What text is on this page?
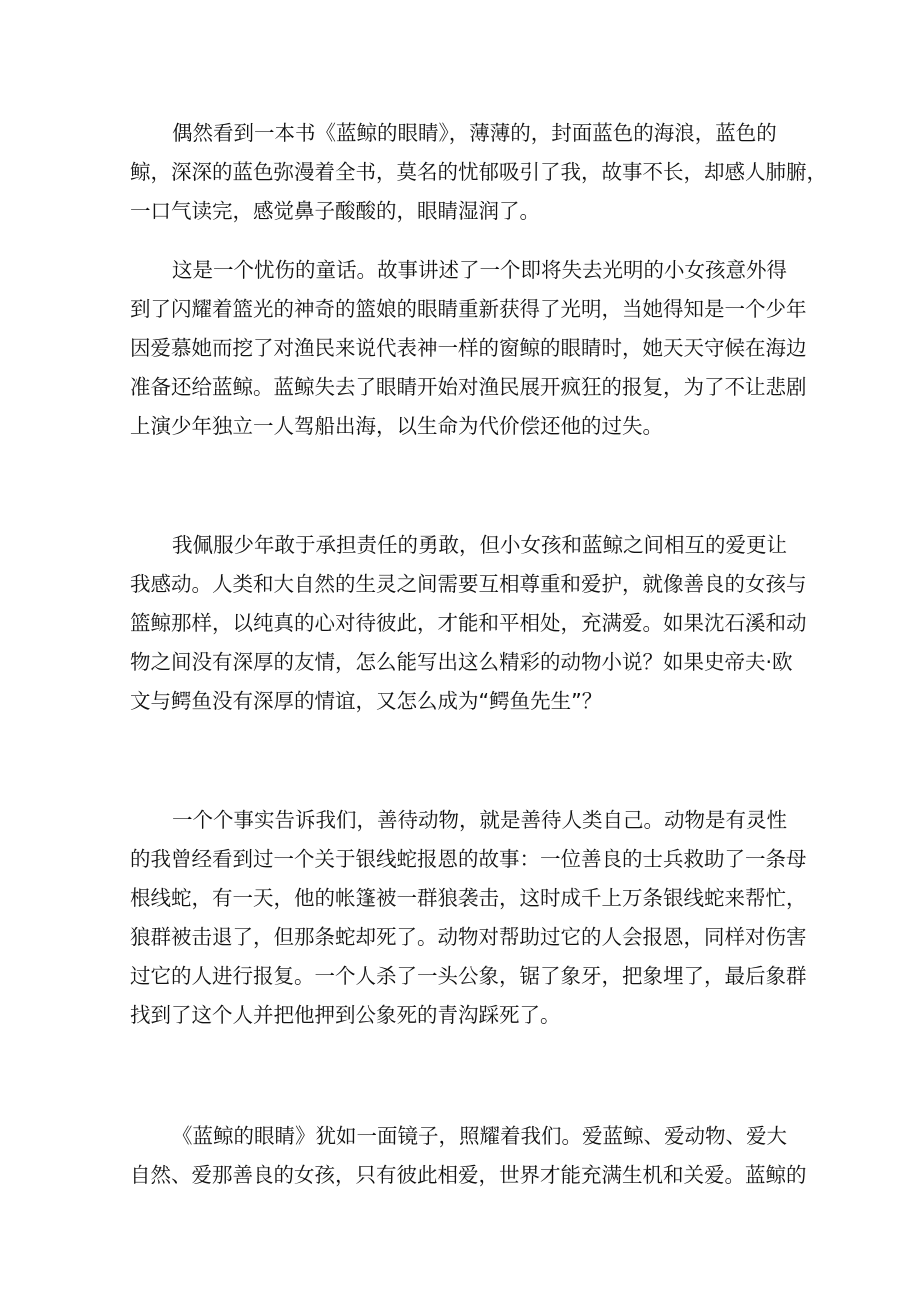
偶然看到一本书《蓝鲸的眼睛》，薄薄的，封面蓝色的海浪，蓝色的
鲸，深深的蓝色弥漫着全书，莫名的忧郁吸引了我，故事不长，却感人肺腑，
一口气读完，感觉鼻子酸酸的，眼睛湿润了。
这是一个忧伤的童话。故事讲述了一个即将失去光明的小女孩意外得
到了闪耀着篮光的神奇的篮娘的眼睛重新获得了光明，当她得知是一个少年
因爱慕她而挖了对渔民来说代表神一样的窗鲸的眼睛时，她天天守候在海边
准备还给蓝鲸。蓝鲸失去了眼睛开始对渔民展开疯狂的报复，为了不让悲剧
上演少年独立一人驾船出海，以生命为代价偿还他的过失。
我佩服少年敢于承担责任的勇敢，但小女孩和蓝鲸之间相互的爱更让
我感动。人类和大自然的生灵之间需要互相尊重和爱护，就像善良的女孩与
篮鲸那样，以纯真的心对待彼此，才能和平相处，充满爱。如果沈石溪和动
物之间没有深厚的友情，怎么能写出这么精彩的动物小说？如果史帝夫·欧
文与鳄鱼没有深厚的情谊，又怎么成为“鳄鱼先生”？
一个个事实告诉我们，善待动物，就是善待人类自己。动物是有灵性
的我曾经看到过一个关于银线蛇报恩的故事：一位善良的士兵救助了一条母
根线蛇，有一天，他的帐篷被一群狼袭击，这时成千上万条银线蛇来帮忙，
狼群被击退了，但那条蛇却死了。动物对帮助过它的人会报恩，同样对伤害
过它的人进行报复。一个人杀了一头公象，锯了象牙，把象埋了，最后象群
找到了这个人并把他押到公象死的青沟踩死了。
《蓝鲸的眼睛》犹如一面镜子，照耀着我们。爱蓝鲸、爱动物、爱大
自然、爱那善良的女孩，只有彼此相爱，世界才能充满生机和关爱。蓝鲸的
